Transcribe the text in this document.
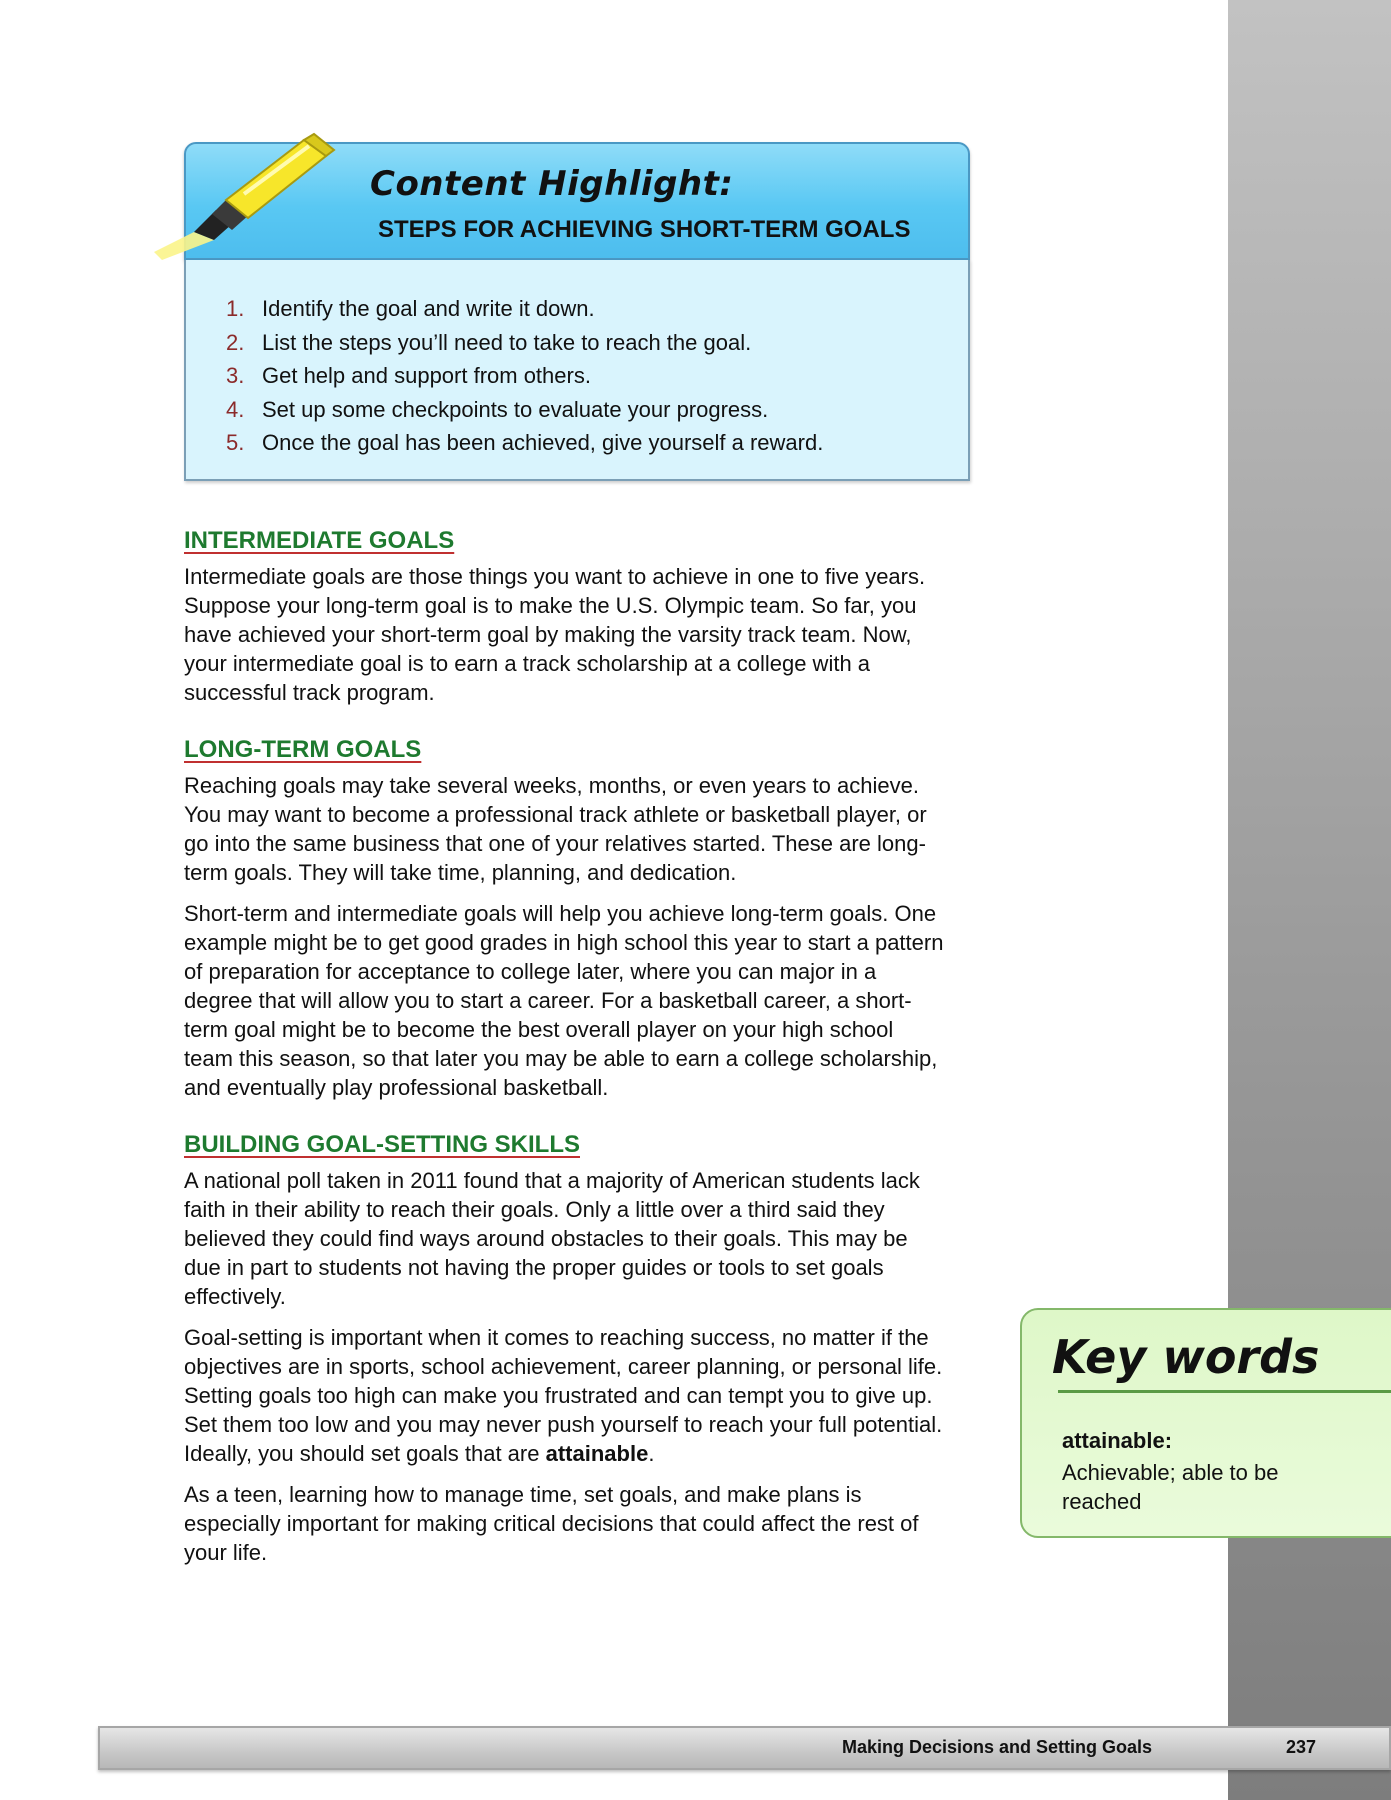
Content Highlight:
STEPS FOR ACHIEVING SHORT-TERM GOALS
1. Identify the goal and write it down.
2. List the steps you’ll need to take to reach the goal.
3. Get help and support from others.
4. Set up some checkpoints to evaluate your progress.
5. Once the goal has been achieved, give yourself a reward.
INTERMEDIATE GOALS

Intermediate goals are those things you want to achieve in one to five years. Suppose your long-term goal is to make the U.S. Olympic team. So far, you have achieved your short-term goal by making the varsity track team. Now, your intermediate goal is to earn a track scholarship at a college with a successful track program.

LONG-TERM GOALS

Reaching goals may take several weeks, months, or even years to achieve. You may want to become a professional track athlete or basketball player, or go into the same business that one of your relatives started. These are long-term goals. They will take time, planning, and dedication.

Short-term and intermediate goals will help you achieve long-term goals. One example might be to get good grades in high school this year to start a pattern of preparation for acceptance to college later, where you can major in a degree that will allow you to start a career. For a basketball career, a short-term goal might be to become the best overall player on your high school team this season, so that later you may be able to earn a college scholarship, and eventually play professional basketball.

BUILDING GOAL-SETTING SKILLS

A national poll taken in 2011 found that a majority of American students lack faith in their ability to reach their goals. Only a little over a third said they believed they could find ways around obstacles to their goals. This may be due in part to students not having the proper guides or tools to set goals effectively.

Goal-setting is important when it comes to reaching success, no matter if the objectives are in sports, school achievement, career planning, or personal life. Setting goals too high can make you frustrated and can tempt you to give up. Set them too low and you may never push yourself to reach your full potential. Ideally, you should set goals that are attainable.

As a teen, learning how to manage time, set goals, and make plans is especially important for making critical decisions that could affect the rest of your life.

Key words

attainable:

Achievable; able to be reached

Making Decisions and Setting Goals	237
